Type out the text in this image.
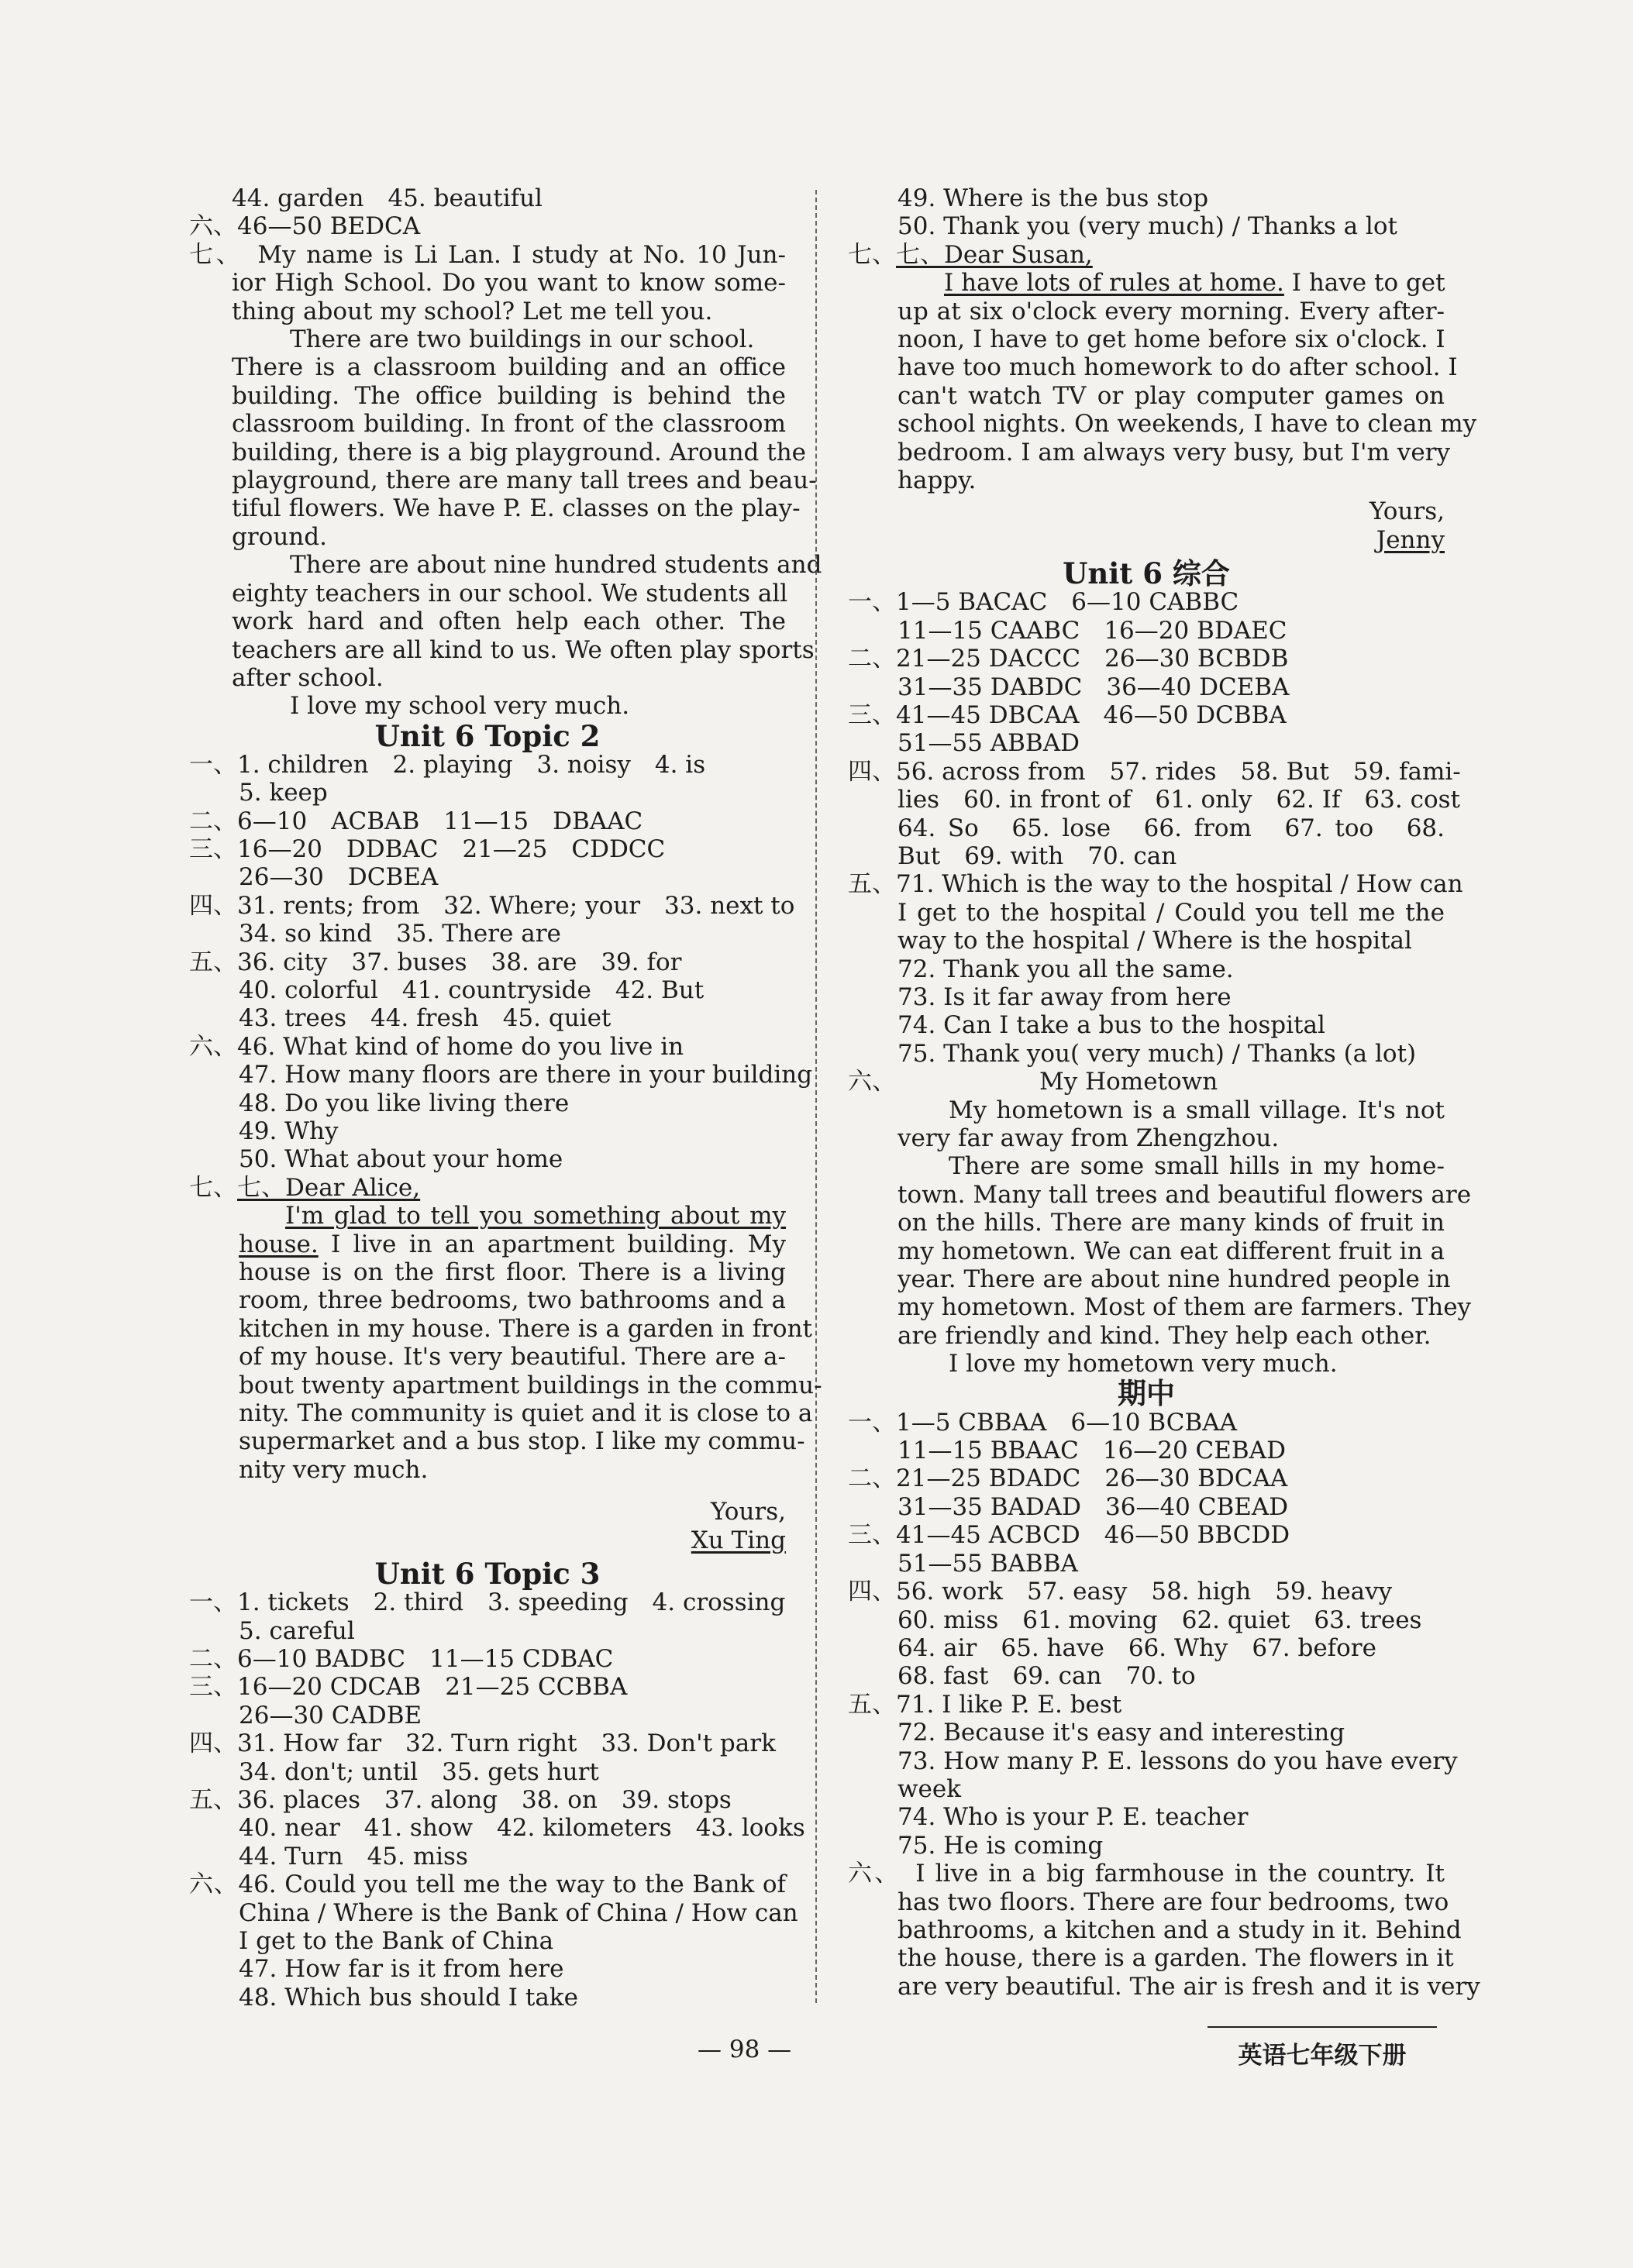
44. garden　45. beautiful
六、46—50 BEDCA
七、　My name is Li Lan. I study at No. 10 Jun-
ior High School. Do you want to know some-
thing about my school? Let me tell you.
There are two buildings in our school.
There is a classroom building and an office
building. The office building is behind the
classroom building. In front of the classroom
building, there is a big playground. Around the
playground, there are many tall trees and beau-
tiful flowers. We have P. E. classes on the play-
ground.
There are about nine hundred students and
eighty teachers in our school. We students all
work hard and often help each other. The
teachers are all kind to us. We often play sports
after school.
I love my school very much.
Unit 6 Topic 2
一、1. children　2. playing　3. noisy　4. is
5. keep
二、6—10　ACBAB　11—15　DBAAC
三、16—20　DDBAC　21—25　CDDCC
26—30　DCBEA
四、31. rents; from　32. Where; your　33. next to
34. so kind　35. There are
五、36. city　37. buses　38. are　39. for
40. colorful　41. countryside　42. But
43. trees　44. fresh　45. quiet
六、46. What kind of home do you live in
47. How many floors are there in your building
48. Do you like living there
49. Why
50. What about your home
七、七、Dear Alice,
I'm glad to tell you something about my
house. I live in an apartment building. My
house is on the first floor. There is a living
room, three bedrooms, two bathrooms and a
kitchen in my house. There is a garden in front
of my house. It's very beautiful. There are a-
bout twenty apartment buildings in the commu-
nity. The community is quiet and it is close to a
supermarket and a bus stop. I like my commu-
nity very much.
Yours,
Xu Ting
Unit 6 Topic 3
一、1. tickets　2. third　3. speeding　4. crossing
5. careful
二、6—10 BADBC　11—15 CDBAC
三、16—20 CDCAB　21—25 CCBBA
26—30 CADBE
四、31. How far　32. Turn right　33. Don't park
34. don't; until　35. gets hurt
五、36. places　37. along　38. on　39. stops
40. near　41. show　42. kilometers　43. looks
44. Turn　45. miss
六、46. Could you tell me the way to the Bank of
China / Where is the Bank of China / How can
I get to the Bank of China
47. How far is it from here
48. Which bus should I take
49. Where is the bus stop
50. Thank you (very much) / Thanks a lot
七、七、Dear Susan,
I have lots of rules at home. I have to get
up at six o'clock every morning. Every after-
noon, I have to get home before six o'clock. I
have too much homework to do after school. I
can't watch TV or play computer games on
school nights. On weekends, I have to clean my
bedroom. I am always very busy, but I'm very
happy.
Yours,
Jenny
Unit 6 综合
一、1—5 BACAC　6—10 CABBC
11—15 CAABC　16—20 BDAEC
二、21—25 DACCC　26—30 BCBDB
31—35 DABDC　36—40 DCEBA
三、41—45 DBCAA　46—50 DCBBA
51—55 ABBAD
四、56. across from　57. rides　58. But　59. fami-
lies　60. in front of　61. only　62. If　63. cost
64. So　65. lose　66. from　67. too　68.
But　69. with　70. can
五、71. Which is the way to the hospital / How can
I get to the hospital / Could you tell me the
way to the hospital / Where is the hospital
72. Thank you all the same.
73. Is it far away from here
74. Can I take a bus to the hospital
75. Thank you( very much) / Thanks (a lot)
六、	My Hometown
My hometown is a small village. It's not
very far away from Zhengzhou.
There are some small hills in my home-
town. Many tall trees and beautiful flowers are
on the hills. There are many kinds of fruit in
my hometown. We can eat different fruit in a
year. There are about nine hundred people in
my hometown. Most of them are farmers. They
are friendly and kind. They help each other.
I love my hometown very much.
期中
一、1—5 CBBAA　6—10 BCBAA
11—15 BBAAC　16—20 CEBAD
二、21—25 BDADC　26—30 BDCAA
31—35 BADAD　36—40 CBEAD
三、41—45 ACBCD　46—50 BBCDD
51—55 BABBA
四、56. work　57. easy　58. high　59. heavy
60. miss　61. moving　62. quiet　63. trees
64. air　65. have　66. Why　67. before
68. fast　69. can　70. to
五、71. I like P. E. best
72. Because it's easy and interesting
73. How many P. E. lessons do you have every
week
74. Who is your P. E. teacher
75. He is coming
六、　I live in a big farmhouse in the country. It
has two floors. There are four bedrooms, two
bathrooms, a kitchen and a study in it. Behind
the house, there is a garden. The flowers in it
are very beautiful. The air is fresh and it is very
— 98 —	英语七年级下册
